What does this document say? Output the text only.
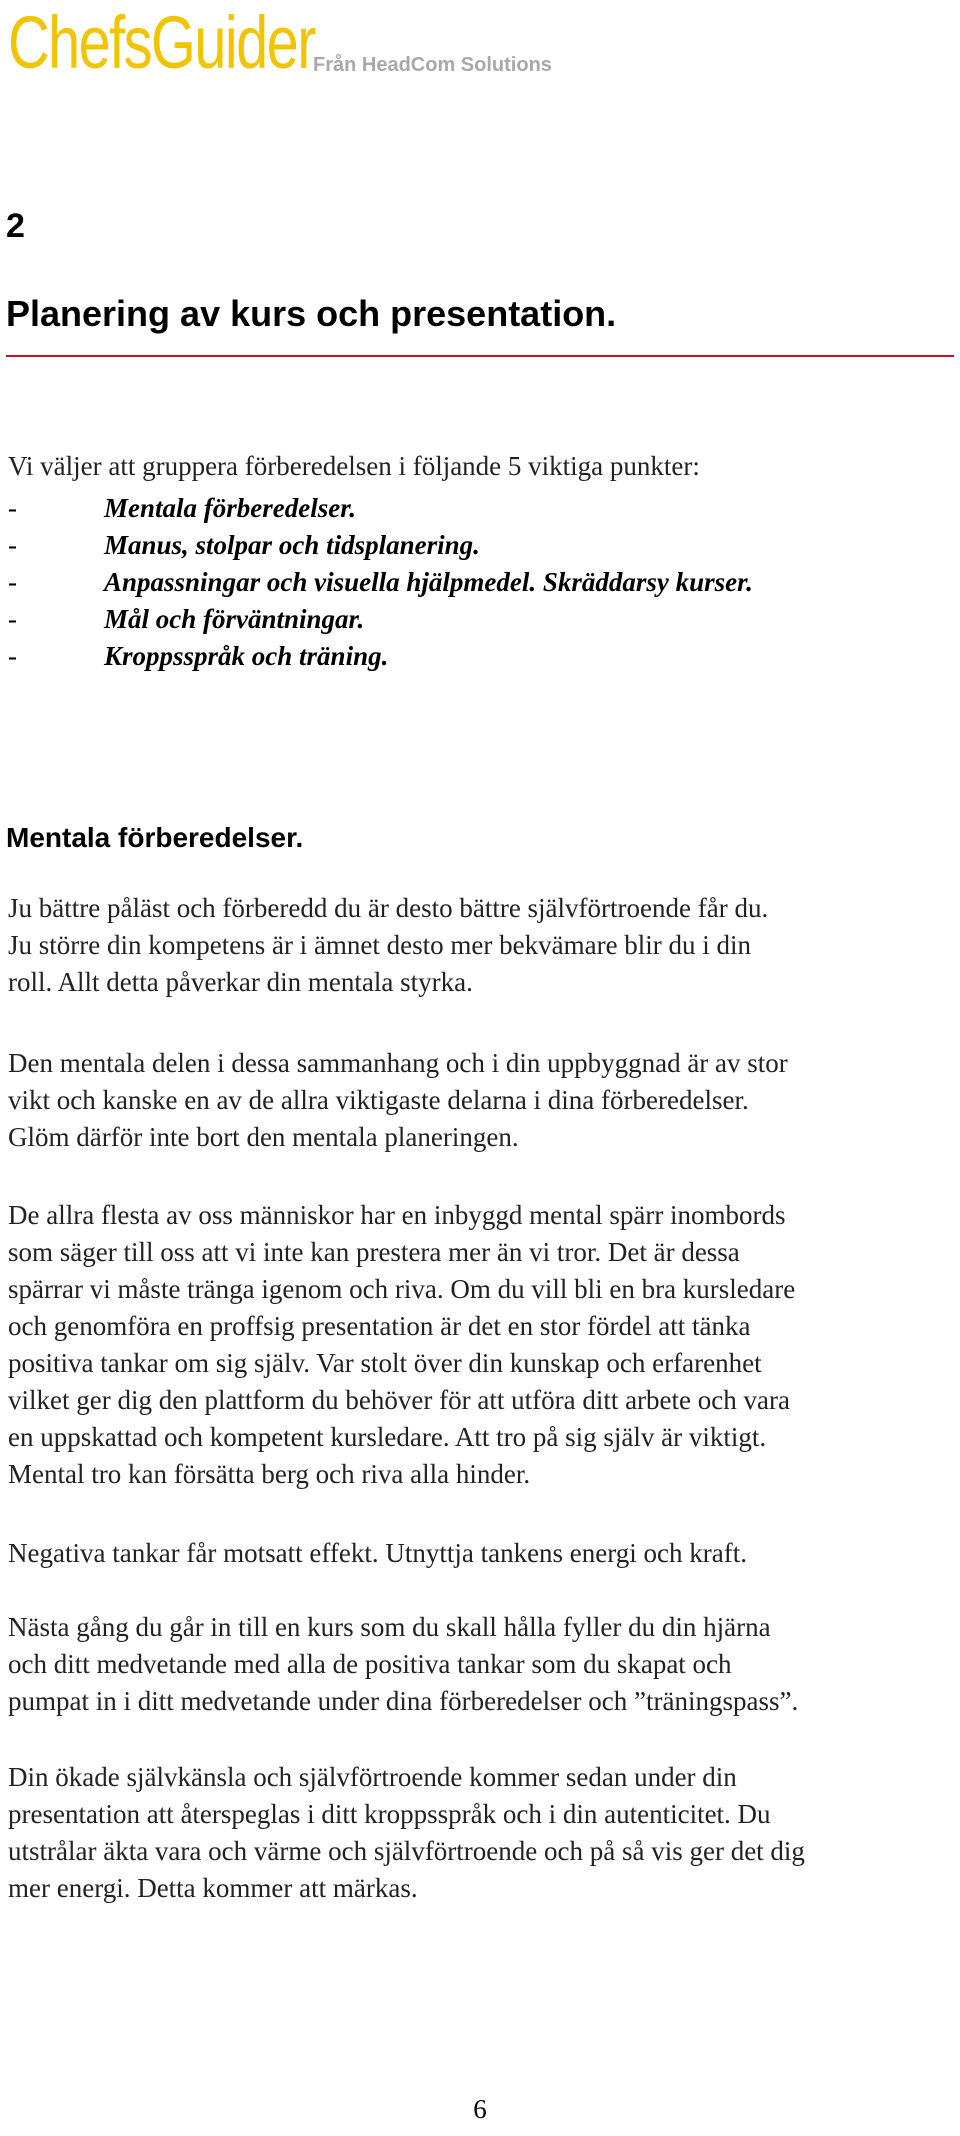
ChefsGuider
Från HeadCom Solutions
2
Planering av kurs och presentation.
Vi väljer att gruppera förberedelsen i följande 5 viktiga punkter:
-	Mentala förberedelser.
-	Manus, stolpar och tidsplanering.
-	Anpassningar och visuella hjälpmedel. Skräddarsy kurser.
-	Mål och förväntningar.
-	Kroppsspråk och träning.
Mentala förberedelser.

Ju bättre påläst och förberedd du är desto bättre självförtroende får du.
Ju större din kompetens är i ämnet desto mer bekvämare blir du i din
roll. Allt detta påverkar din mentala styrka.

Den mentala delen i dessa sammanhang och i din uppbyggnad är av stor
vikt och kanske en av de allra viktigaste delarna i dina förberedelser.
Glöm därför inte bort den mentala planeringen.

De allra flesta av oss människor har en inbyggd mental spärr inombords
som säger till oss att vi inte kan prestera mer än vi tror. Det är dessa
spärrar vi måste tränga igenom och riva. Om du vill bli en bra kursledare
och genomföra en proffsig presentation är det en stor fördel att tänka
positiva tankar om sig själv. Var stolt över din kunskap och erfarenhet
vilket ger dig den plattform du behöver för att utföra ditt arbete och vara
en uppskattad och kompetent kursledare. Att tro på sig själv är viktigt.
Mental tro kan försätta berg och riva alla hinder.

Negativa tankar får motsatt effekt. Utnyttja tankens energi och kraft.

Nästa gång du går in till en kurs som du skall hålla fyller du din hjärna
och ditt medvetande med alla de positiva tankar som du skapat och
pumpat in i ditt medvetande under dina förberedelser och ”träningspass”.

Din ökade självkänsla och självförtroende kommer sedan under din
presentation att återspeglas i ditt kroppsspråk och i din autenticitet. Du
utstrålar äkta vara och värme och självförtroende och på så vis ger det dig
mer energi. Detta kommer att märkas.

6
